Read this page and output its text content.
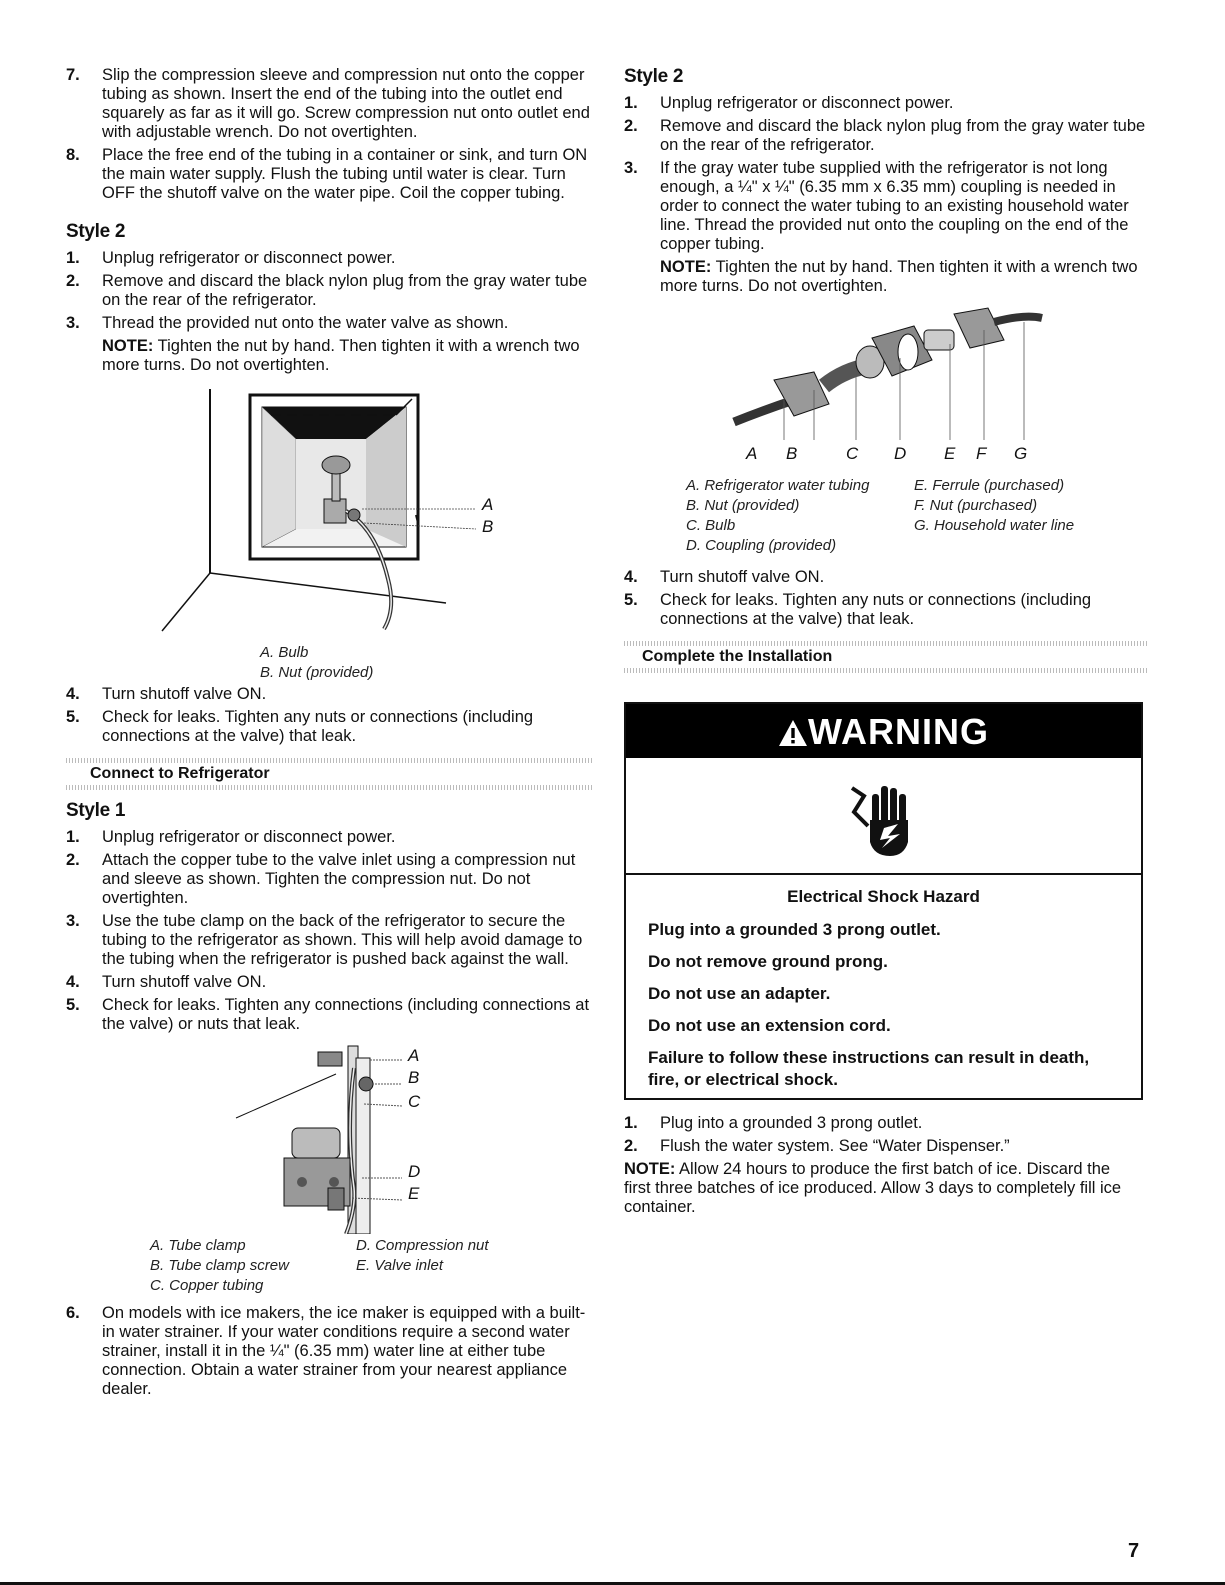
7. Slip the compression sleeve and compression nut onto the copper tubing as shown. Insert the end of the tubing into the outlet end squarely as far as it will go. Screw compression nut onto outlet end with adjustable wrench. Do not overtighten.
8. Place the free end of the tubing in a container or sink, and turn ON the main water supply. Flush the tubing until water is clear. Turn OFF the shutoff valve on the water pipe. Coil the copper tubing.
Style 2
1. Unplug refrigerator or disconnect power.
2. Remove and discard the black nylon plug from the gray water tube on the rear of the refrigerator.
3. Thread the provided nut onto the water valve as shown.
NOTE: Tighten the nut by hand. Then tighten it with a wrench two more turns. Do not overtighten.
A
B
A. Bulb
B. Nut (provided)
4. Turn shutoff valve ON.
5. Check for leaks. Tighten any nuts or connections (including connections at the valve) that leak.
Connect to Refrigerator
Style 1
1. Unplug refrigerator or disconnect power.
2. Attach the copper tube to the valve inlet using a compression nut and sleeve as shown. Tighten the compression nut. Do not overtighten.
3. Use the tube clamp on the back of the refrigerator to secure the tubing to the refrigerator as shown. This will help avoid damage to the tubing when the refrigerator is pushed back against the wall.
4. Turn shutoff valve ON.
5. Check for leaks. Tighten any connections (including connections at the valve) or nuts that leak.
A
B
C
D
E
A. Tube clamp
B. Tube clamp screw
C. Copper tubing
D. Compression nut
E. Valve inlet
6. On models with ice makers, the ice maker is equipped with a built-in water strainer. If your water conditions require a second water strainer, install it in the ¼" (6.35 mm) water line at either tube connection. Obtain a water strainer from your nearest appliance dealer.
Style 2
1. Unplug refrigerator or disconnect power.
2. Remove and discard the black nylon plug from the gray water tube on the rear of the refrigerator.
3. If the gray water tube supplied with the refrigerator is not long enough, a ¼" x ¼" (6.35 mm x 6.35 mm) coupling is needed in order to connect the water tubing to an existing household water line. Thread the provided nut onto the coupling on the end of the copper tubing.
NOTE: Tighten the nut by hand. Then tighten it with a wrench two more turns. Do not overtighten.
A B	C D E F G
A. Refrigerator water tubing
B. Nut (provided)
C. Bulb
D. Coupling (provided)
E. Ferrule (purchased)
F. Nut (purchased)
G. Household water line
4. Turn shutoff valve ON.
5. Check for leaks. Tighten any nuts or connections (including connections at the valve) that leak.
Complete the Installation
WARNING
Electrical Shock Hazard
Plug into a grounded 3 prong outlet.
Do not remove ground prong.
Do not use an adapter.
Do not use an extension cord.
Failure to follow these instructions can result in death, fire, or electrical shock.
1. Plug into a grounded 3 prong outlet.
2. Flush the water system. See “Water Dispenser.”
NOTE: Allow 24 hours to produce the first batch of ice. Discard the first three batches of ice produced. Allow 3 days to completely fill ice container.
7
